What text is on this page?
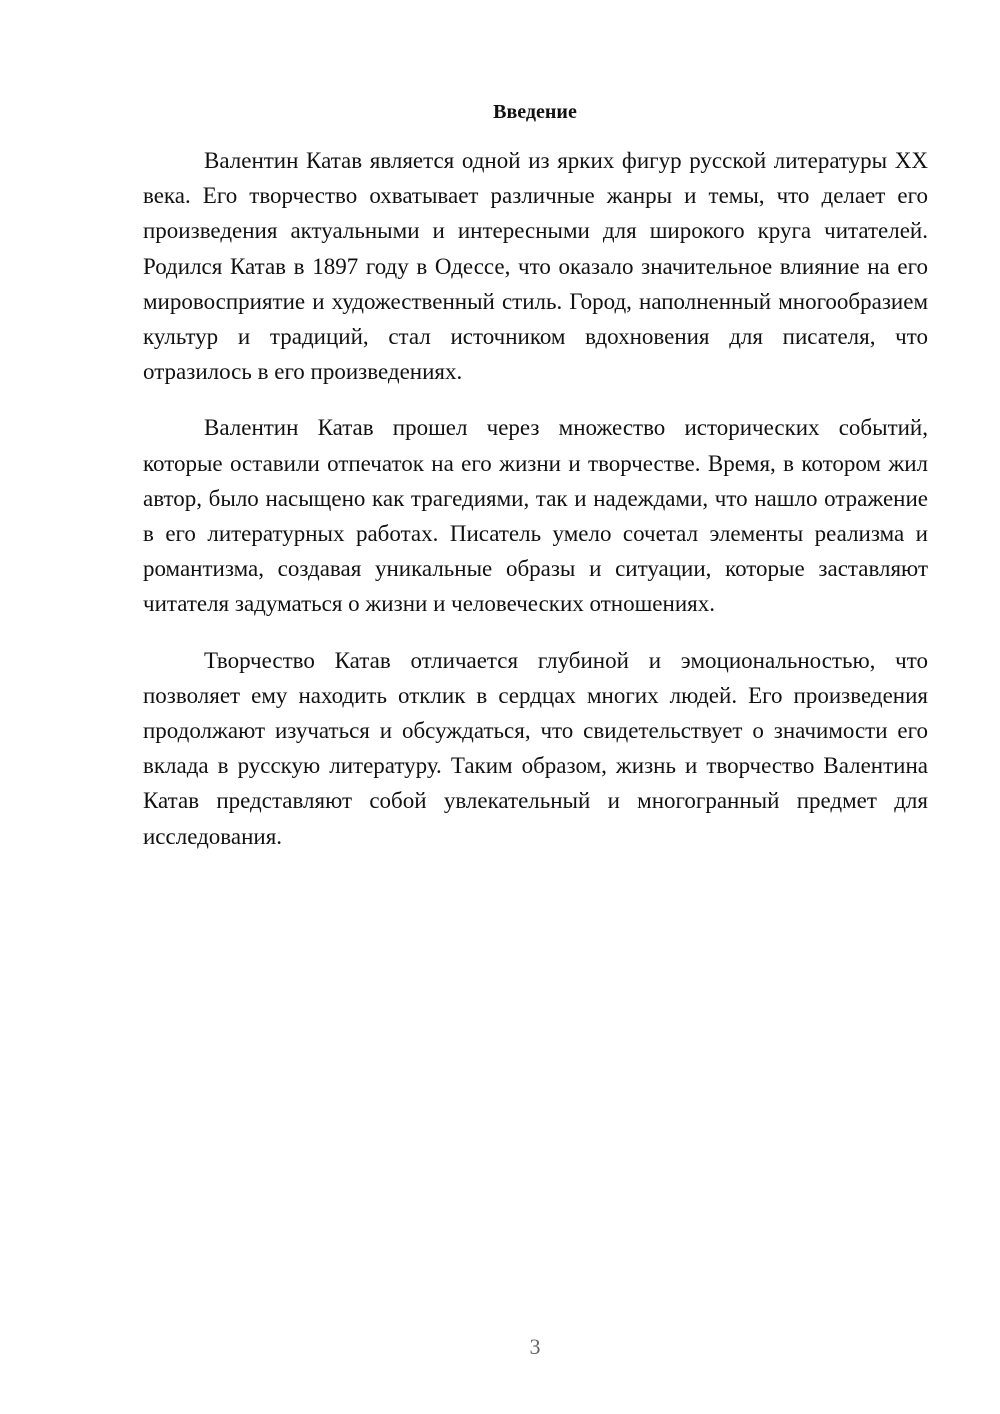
Введение

Валентин Катав является одной из ярких фигур русской литературы XX века. Его творчество охватывает различные жанры и темы, что делает его произведения актуальными и интересными для широкого круга читателей. Родился Катав в 1897 году в Одессе, что оказало значительное влияние на его мировосприятие и художественный стиль. Город, наполненный многообразием культур и традиций, стал источником вдохновения для писателя, что отразилось в его произведениях.

Валентин Катав прошел через множество исторических событий, которые оставили отпечаток на его жизни и творчестве. Время, в котором жил автор, было насыщено как трагедиями, так и надеждами, что нашло отражение в его литературных работах. Писатель умело сочетал элементы реализма и романтизма, создавая уникальные образы и ситуации, которые заставляют читателя задуматься о жизни и человеческих отношениях.

Творчество Катав отличается глубиной и эмоциональностью, что позволяет ему находить отклик в сердцах многих людей. Его произведения продолжают изучаться и обсуждаться, что свидетельствует о значимости его вклада в русскую литературу. Таким образом, жизнь и творчество Валентина Катав представляют собой увлекательный и многогранный предмет для исследования.

3
